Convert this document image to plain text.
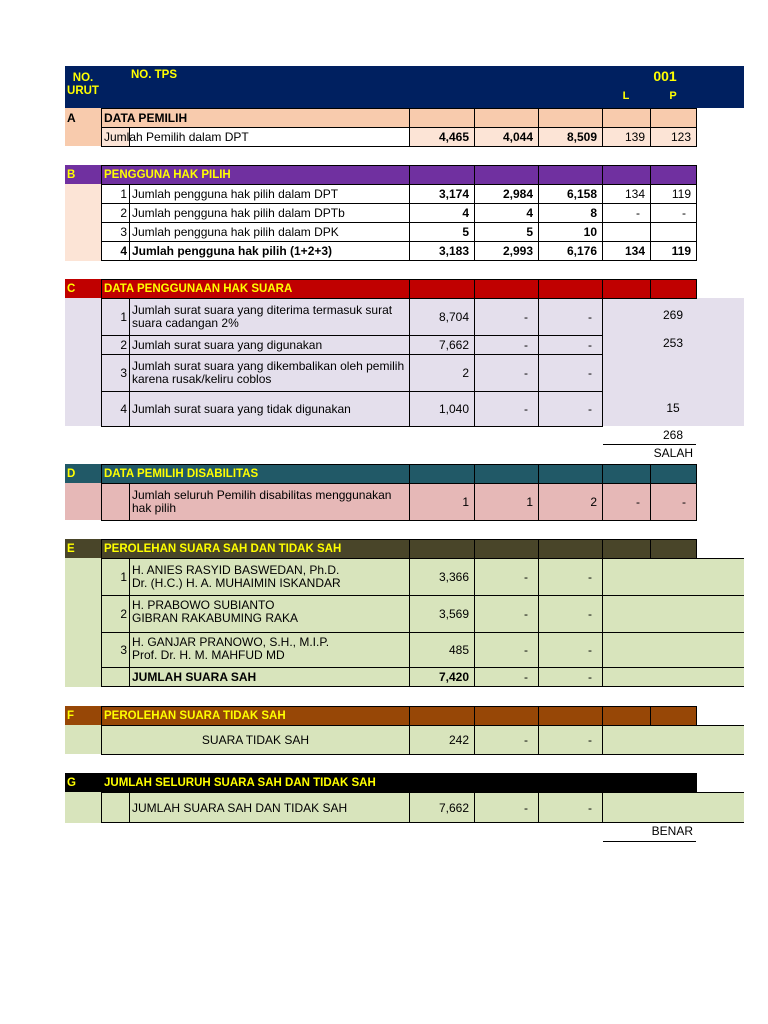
NO.
URUT
NO. TPS	001
L	P
A	DATA PEMILIH
Jumlah Pemilih dalam DPT	4,465	4,044	8,509	139	123
B	PENGGUNA HAK PILIH
1 Jumlah pengguna hak pilih dalam DPT	3,174	2,984	6,158	134	119
2 Jumlah pengguna hak pilih dalam DPTb	4	4	8	-	-
3 Jumlah pengguna hak pilih dalam DPK	5	5	10
4 Jumlah pengguna hak pilih (1+2+3)	3,183	2,993	6,176	134	119
C	DATA PENGGUNAAN HAK SUARA
1 Jumlah surat suara yang diterima termasuk surat suara cadangan 2%	8,704	-	-	269
2 Jumlah surat suara yang digunakan	7,662	-	-	253
3 Jumlah surat suara yang dikembalikan oleh pemilih karena rusak/keliru coblos	2	-	-
4 Jumlah surat suara yang tidak digunakan	1,040	-	-	15
268
SALAH
D	DATA PEMILIH DISABILITAS
Jumlah seluruh Pemilih disabilitas menggunakan hak pilih	1	1	2	-	-
E	PEROLEHAN SUARA SAH DAN TIDAK SAH
1 H. ANIES RASYID BASWEDAN, Ph.D.
Dr. (H.C.) H. A. MUHAIMIN ISKANDAR	3,366	-	-
2
H. PRABOWO SUBIANTO
GIBRAN RAKABUMING RAKA	3,569	-	-
3
H. GANJAR PRANOWO, S.H., M.I.P.
Prof. Dr. H. M. MAHFUD MD	485	-	-
JUMLAH SUARA SAH	7,420	-	-
F	PEROLEHAN SUARA TIDAK SAH
SUARA TIDAK SAH	242	-	-
G	JUMLAH SELURUH SUARA SAH DAN TIDAK SAH
JUMLAH SUARA SAH DAN TIDAK SAH	7,662	-	-
BENAR
